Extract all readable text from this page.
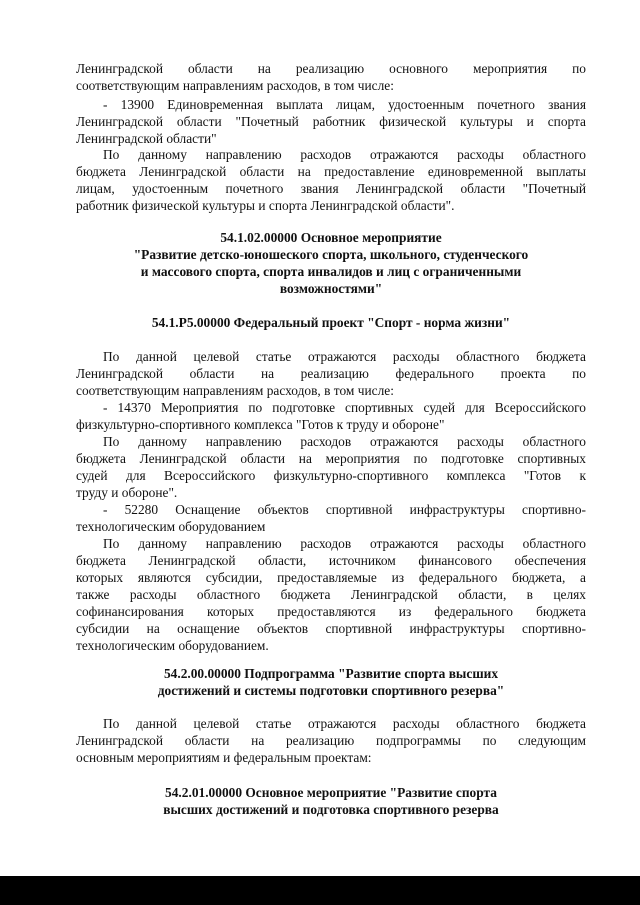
Ленинградской области на реализацию основного мероприятия по
соответствующим направлениям расходов, в том числе:
- 13900 Единовременная выплата лицам, удостоенным почетного звания
Ленинградской области "Почетный работник физической культуры и спорта
Ленинградской области"
По данному направлению расходов отражаются расходы областного
бюджета Ленинградской области на предоставление единовременной выплаты
лицам, удостоенным почетного звания Ленинградской области "Почетный
работник физической культуры и спорта Ленинградской области".
54.1.02.00000 Основное мероприятие
"Развитие детско-юношеского спорта, школьного, студенческого
и массового спорта, спорта инвалидов и лиц с ограниченными
возможностями"
54.1.P5.00000 Федеральный проект "Спорт - норма жизни"
По данной целевой статье отражаются расходы областного бюджета
Ленинградской области на реализацию федерального проекта по
соответствующим направлениям расходов, в том числе:
- 14370 Мероприятия по подготовке спортивных судей для Всероссийского
физкультурно-спортивного комплекса "Готов к труду и обороне"
По данному направлению расходов отражаются расходы областного
бюджета Ленинградской области на мероприятия по подготовке спортивных
судей для Всероссийского физкультурно-спортивного комплекса "Готов к
труду и обороне".
- 52280 Оснащение объектов спортивной инфраструктуры спортивно-
технологическим оборудованием
По данному направлению расходов отражаются расходы областного
бюджета Ленинградской области, источником финансового обеспечения
которых являются субсидии, предоставляемые из федерального бюджета, а
также расходы областного бюджета Ленинградской области, в целях
софинансирования которых предоставляются из федерального бюджета
субсидии на оснащение объектов спортивной инфраструктуры спортивно-
технологическим оборудованием.
54.2.00.00000 Подпрограмма "Развитие спорта высших
достижений и системы подготовки спортивного резерва"
По данной целевой статье отражаются расходы областного бюджета
Ленинградской области на реализацию подпрограммы по следующим
основным мероприятиям и федеральным проектам:
54.2.01.00000 Основное мероприятие "Развитие спорта
высших достижений и подготовка спортивного резерва
